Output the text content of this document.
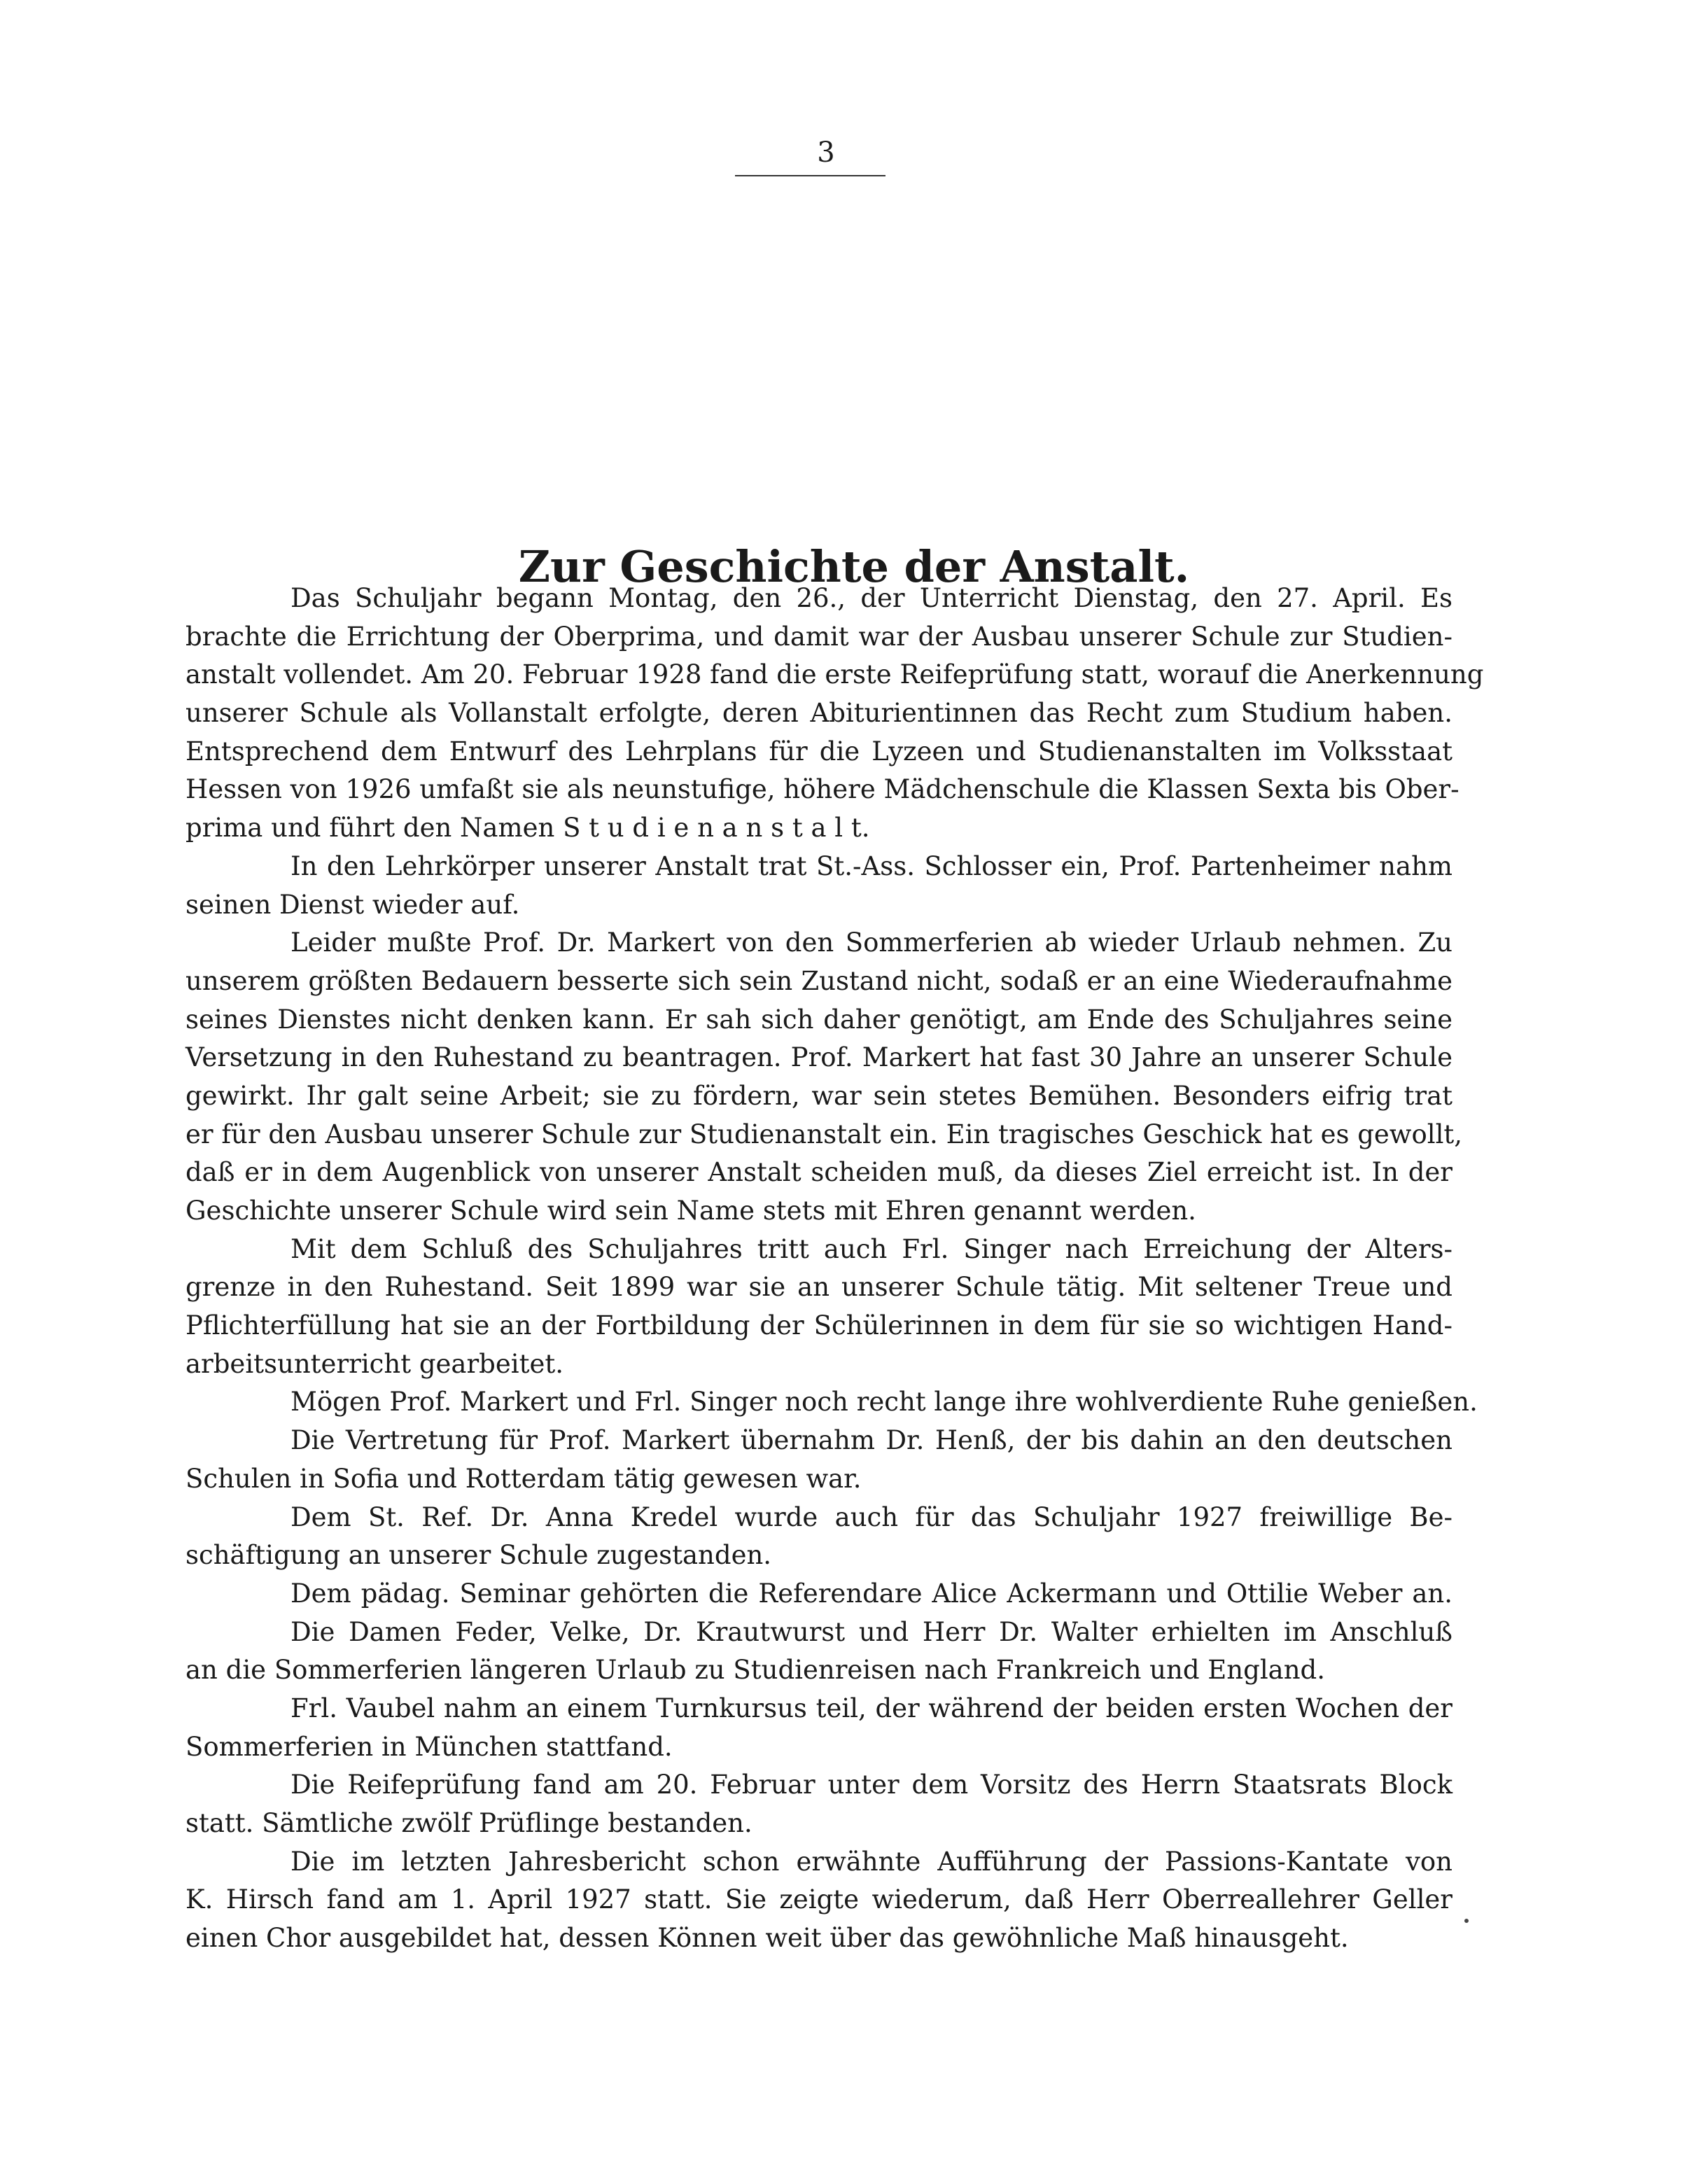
3
Zur Geschichte der Anstalt.
Das Schuljahr begann Montag, den 26., der Unterricht Dienstag, den 27. April. Es
brachte die Errichtung der Oberprima, und damit war der Ausbau unserer Schule zur Studien-
anstalt vollendet. Am 20. Februar 1928 fand die erste Reifeprüfung statt, worauf die Anerkennung
unserer Schule als Vollanstalt erfolgte, deren Abiturientinnen das Recht zum Studium haben.
Entsprechend dem Entwurf des Lehrplans für die Lyzeen und Studienanstalten im Volksstaat
Hessen von 1926 umfaßt sie als neunstufige, höhere Mädchenschule die Klassen Sexta bis Ober-
prima und führt den Namen S t u d i e n a n s t a l t.
In den Lehrkörper unserer Anstalt trat St.-Ass. Schlosser ein, Prof. Partenheimer nahm
seinen Dienst wieder auf.
Leider mußte Prof. Dr. Markert von den Sommerferien ab wieder Urlaub nehmen. Zu
unserem größten Bedauern besserte sich sein Zustand nicht, sodaß er an eine Wiederaufnahme
seines Dienstes nicht denken kann. Er sah sich daher genötigt, am Ende des Schuljahres seine
Versetzung in den Ruhestand zu beantragen. Prof. Markert hat fast 30 Jahre an unserer Schule
gewirkt. Ihr galt seine Arbeit; sie zu fördern, war sein stetes Bemühen. Besonders eifrig trat
er für den Ausbau unserer Schule zur Studienanstalt ein. Ein tragisches Geschick hat es gewollt,
daß er in dem Augenblick von unserer Anstalt scheiden muß, da dieses Ziel erreicht ist. In der
Geschichte unserer Schule wird sein Name stets mit Ehren genannt werden.
Mit dem Schluß des Schuljahres tritt auch Frl. Singer nach Erreichung der Alters-
grenze in den Ruhestand. Seit 1899 war sie an unserer Schule tätig. Mit seltener Treue und
Pflichterfüllung hat sie an der Fortbildung der Schülerinnen in dem für sie so wichtigen Hand-
arbeitsunterricht gearbeitet.
Mögen Prof. Markert und Frl. Singer noch recht lange ihre wohlverdiente Ruhe genießen.
Die Vertretung für Prof. Markert übernahm Dr. Henß, der bis dahin an den deutschen
Schulen in Sofia und Rotterdam tätig gewesen war.
Dem St. Ref. Dr. Anna Kredel wurde auch für das Schuljahr 1927 freiwillige Be-
schäftigung an unserer Schule zugestanden.
Dem pädag. Seminar gehörten die Referendare Alice Ackermann und Ottilie Weber an.
Die Damen Feder, Velke, Dr. Krautwurst und Herr Dr. Walter erhielten im Anschluß
an die Sommerferien längeren Urlaub zu Studienreisen nach Frankreich und England.
Frl. Vaubel nahm an einem Turnkursus teil, der während der beiden ersten Wochen der
Sommerferien in München stattfand.
Die Reifeprüfung fand am 20. Februar unter dem Vorsitz des Herrn Staatsrats Block
statt. Sämtliche zwölf Prüflinge bestanden.
Die im letzten Jahresbericht schon erwähnte Aufführung der Passions-Kantate von
K. Hirsch fand am 1. April 1927 statt. Sie zeigte wiederum, daß Herr Oberreallehrer Geller
einen Chor ausgebildet hat, dessen Können weit über das gewöhnliche Maß hinausgeht.
